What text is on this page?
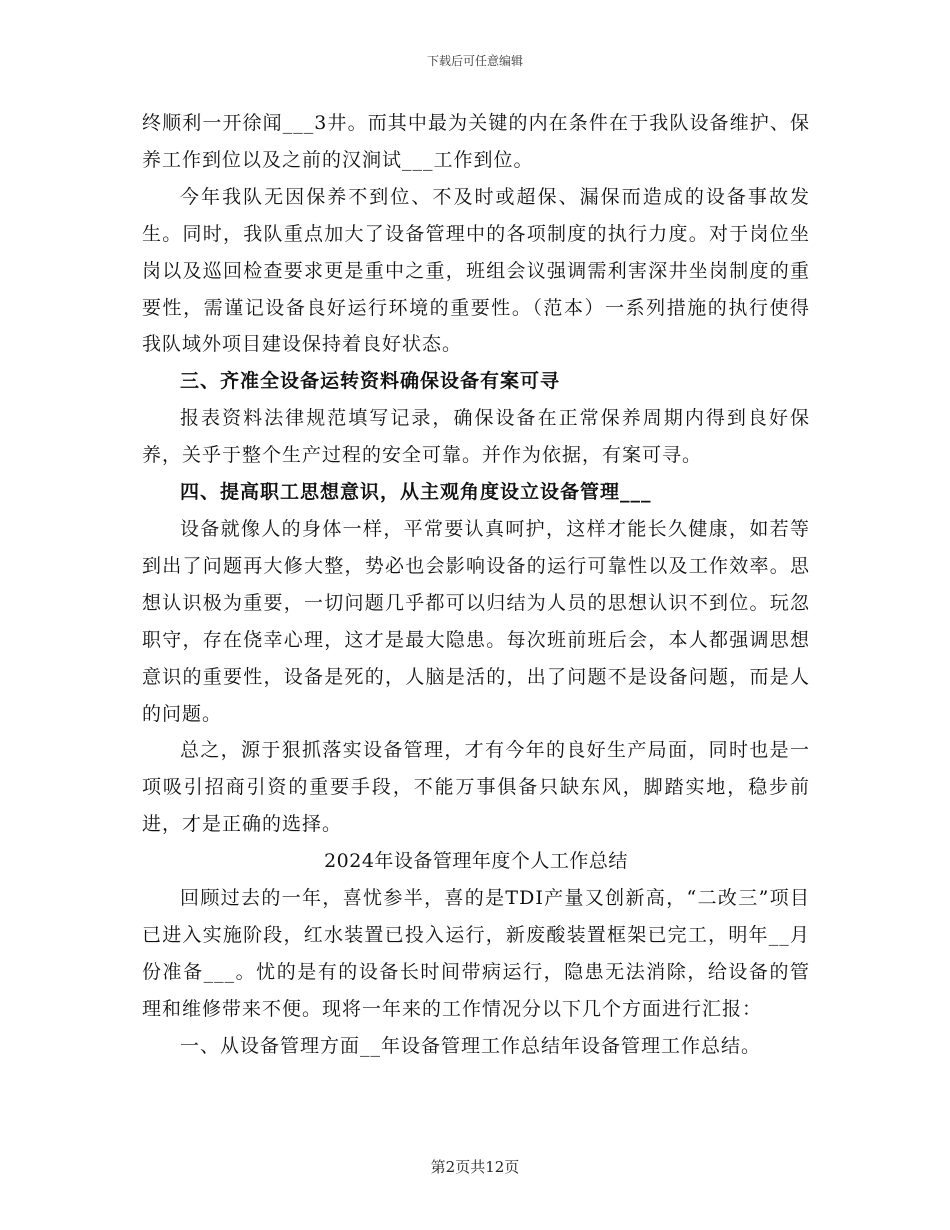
下载后可任意编辑

终顺利一开徐闻___3井。而其中最为关键的内在条件在于我队设备维护、保养工作到位以及之前的汉涧试___工作到位。

今年我队无因保养不到位、不及时或超保、漏保而造成的设备事故发生。同时，我队重点加大了设备管理中的各项制度的执行力度。对于岗位坐岗以及巡回检查要求更是重中之重，班组会议强调需利害深井坐岗制度的重要性，需谨记设备良好运行环境的重要性。（范本）一系列措施的执行使得我队域外项目建设保持着良好状态。

三、齐准全设备运转资料确保设备有案可寻

报表资料法律规范填写记录，确保设备在正常保养周期内得到良好保养，关乎于整个生产过程的安全可靠。并作为依据，有案可寻。

四、提高职工思想意识，从主观角度设立设备管理___

设备就像人的身体一样，平常要认真呵护，这样才能长久健康，如若等到出了问题再大修大整，势必也会影响设备的运行可靠性以及工作效率。思想认识极为重要，一切问题几乎都可以归结为人员的思想认识不到位。玩忽职守，存在侥幸心理，这才是最大隐患。每次班前班后会，本人都强调思想意识的重要性，设备是死的，人脑是活的，出了问题不是设备问题，而是人的问题。

总之，源于狠抓落实设备管理，才有今年的良好生产局面，同时也是一项吸引招商引资的重要手段，不能万事俱备只缺东风，脚踏实地，稳步前进，才是正确的选择。

2024年设备管理年度个人工作总结

回顾过去的一年，喜忧参半，喜的是TDI产量又创新高，“二改三”项目已进入实施阶段，红水装置已投入运行，新废酸装置框架已完工，明年__月份准备___。忧的是有的设备长时间带病运行，隐患无法消除，给设备的管理和维修带来不便。现将一年来的工作情况分以下几个方面进行汇报：

一、从设备管理方面__年设备管理工作总结年设备管理工作总结。

第2页共12页
